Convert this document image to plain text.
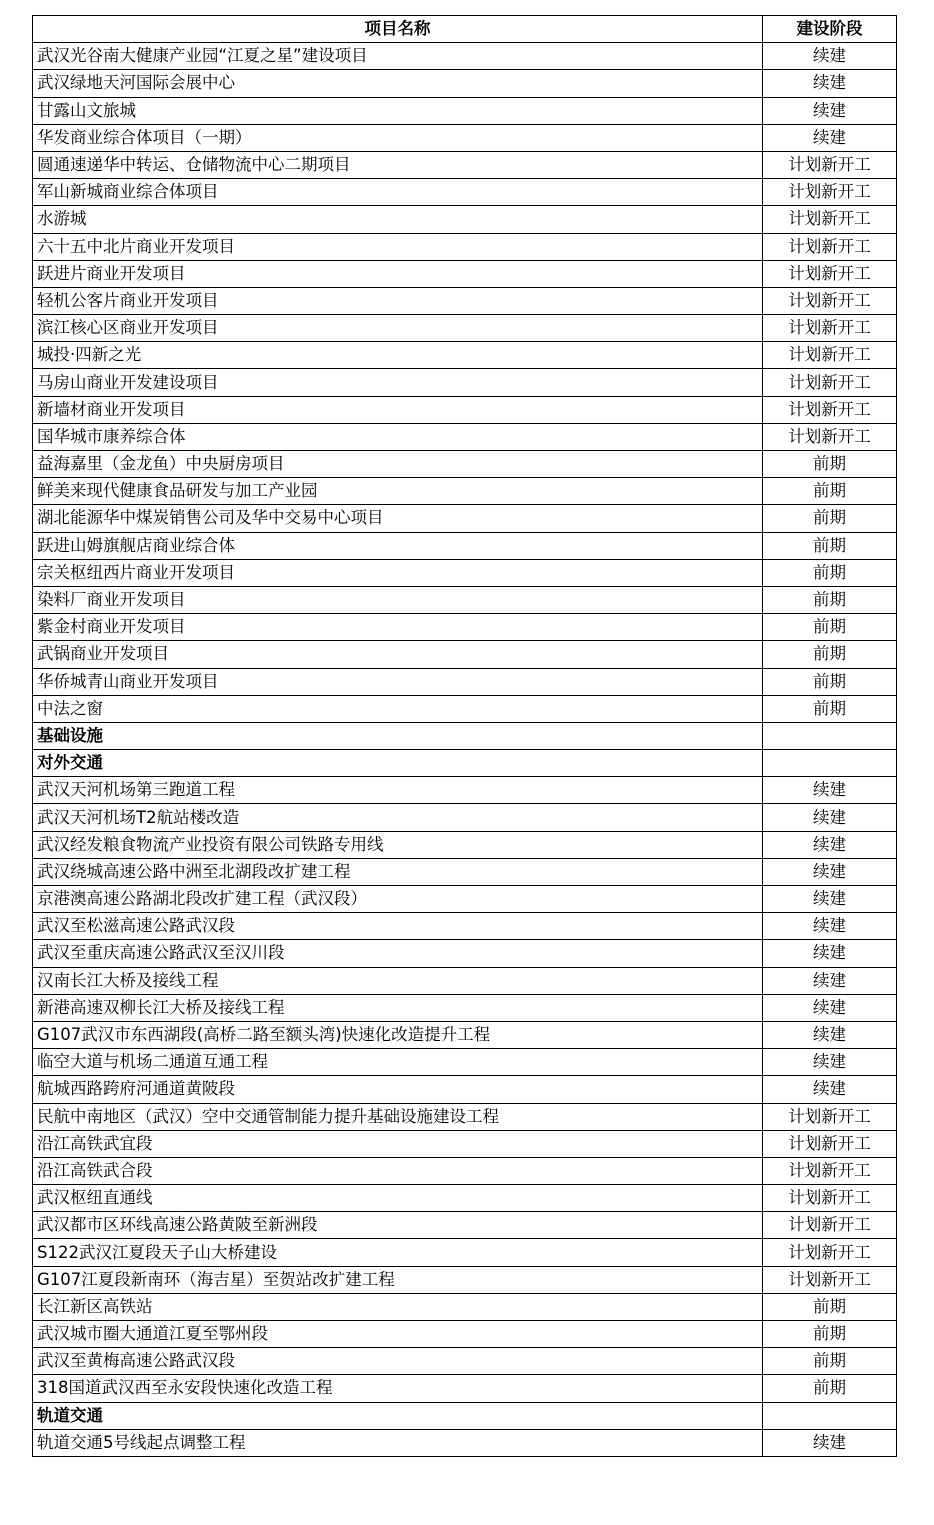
项目名称	建设阶段
武汉光谷南大健康产业园“江夏之星”建设项目	续建
武汉绿地天河国际会展中心	续建
甘露山文旅城	续建
华发商业综合体项目（一期）	续建
圆通速递华中转运、仓储物流中心二期项目	计划新开工
军山新城商业综合体项目	计划新开工
水游城	计划新开工
六十五中北片商业开发项目	计划新开工
跃进片商业开发项目	计划新开工
轻机公客片商业开发项目	计划新开工
滨江核心区商业开发项目	计划新开工
城投·四新之光	计划新开工
马房山商业开发建设项目	计划新开工
新墙材商业开发项目	计划新开工
国华城市康养综合体	计划新开工
益海嘉里（金龙鱼）中央厨房项目	前期
鲜美来现代健康食品研发与加工产业园	前期
湖北能源华中煤炭销售公司及华中交易中心项目	前期
跃进山姆旗舰店商业综合体	前期
宗关枢纽西片商业开发项目	前期
染料厂商业开发项目	前期
紫金村商业开发项目	前期
武锅商业开发项目	前期
华侨城青山商业开发项目	前期
中法之窗	前期
基础设施	
对外交通	
武汉天河机场第三跑道工程	续建
武汉天河机场T2航站楼改造	续建
武汉经发粮食物流产业投资有限公司铁路专用线	续建
武汉绕城高速公路中洲至北湖段改扩建工程	续建
京港澳高速公路湖北段改扩建工程（武汉段）	续建
武汉至松滋高速公路武汉段	续建
武汉至重庆高速公路武汉至汉川段	续建
汉南长江大桥及接线工程	续建
新港高速双柳长江大桥及接线工程	续建
G107武汉市东西湖段(高桥二路至额头湾)快速化改造提升工程	续建
临空大道与机场二通道互通工程	续建
航城西路跨府河通道黄陂段	续建
民航中南地区（武汉）空中交通管制能力提升基础设施建设工程	计划新开工
沿江高铁武宜段	计划新开工
沿江高铁武合段	计划新开工
武汉枢纽直通线	计划新开工
武汉都市区环线高速公路黄陂至新洲段	计划新开工
S122武汉江夏段天子山大桥建设	计划新开工
G107江夏段新南环（海吉星）至贺站改扩建工程	计划新开工
长江新区高铁站	前期
武汉城市圈大通道江夏至鄂州段	前期
武汉至黄梅高速公路武汉段	前期
318国道武汉西至永安段快速化改造工程	前期
轨道交通	
轨道交通5号线起点调整工程	续建
